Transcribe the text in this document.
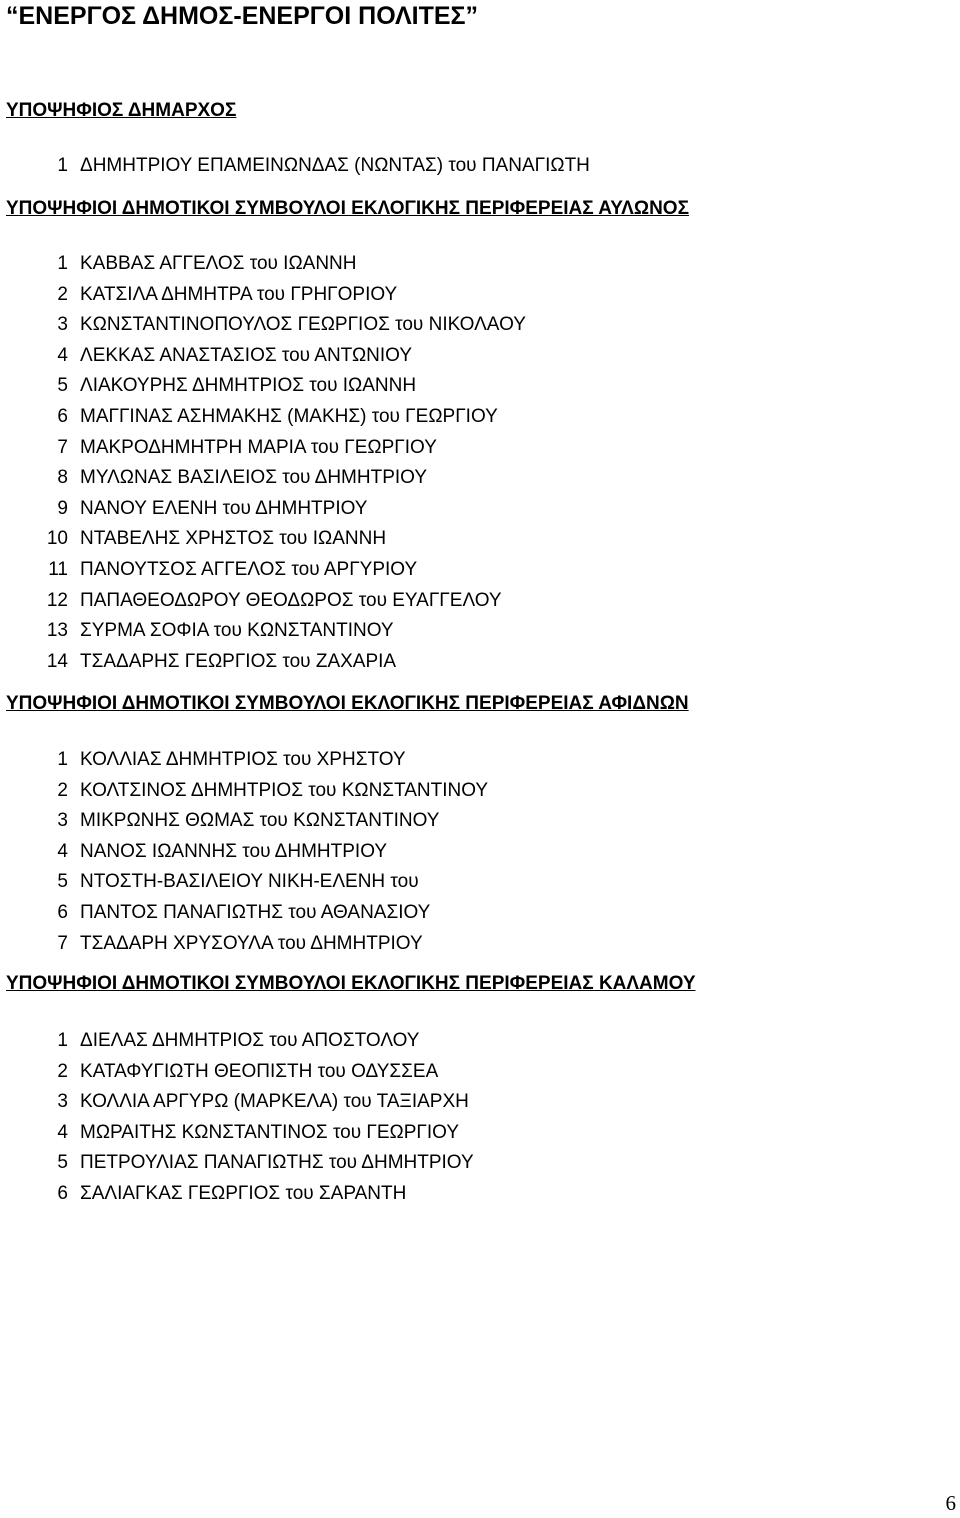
“ΕΝΕΡΓΟΣ ΔΗΜΟΣ-ΕΝΕΡΓΟΙ ΠΟΛΙΤΕΣ”
ΥΠΟΨΗΦΙΟΣ ΔΗΜΑΡΧΟΣ
1 ΔΗΜΗΤΡΙΟΥ ΕΠΑΜΕΙΝΩΝΔΑΣ (ΝΩΝΤΑΣ) του ΠΑΝΑΓΙΩΤΗ
ΥΠΟΨΗΦΙΟΙ ΔΗΜΟΤΙΚΟΙ ΣΥΜΒΟΥΛΟΙ ΕΚΛΟΓΙΚΗΣ ΠΕΡΙΦΕΡΕΙΑΣ ΑΥΛΩΝΟΣ
1 ΚΑΒΒΑΣ ΑΓΓΕΛΟΣ του ΙΩΑΝΝΗ
2 ΚΑΤΣΙΛΑ ΔΗΜΗΤΡΑ του ΓΡΗΓΟΡΙΟΥ
3 ΚΩΝΣΤΑΝΤΙΝΟΠΟΥΛΟΣ ΓΕΩΡΓΙΟΣ του ΝΙΚΟΛΑΟΥ
4 ΛΕΚΚΑΣ ΑΝΑΣΤΑΣΙΟΣ του ΑΝΤΩΝΙΟΥ
5 ΛΙΑΚΟΥΡΗΣ ΔΗΜΗΤΡΙΟΣ του ΙΩΑΝΝΗ
6 ΜΑΓΓΙΝΑΣ ΑΣΗΜΑΚΗΣ (ΜΑΚΗΣ) του ΓΕΩΡΓΙΟΥ
7 ΜΑΚΡΟΔΗΜΗΤΡΗ ΜΑΡΙΑ του ΓΕΩΡΓΙΟΥ
8 ΜΥΛΩΝΑΣ ΒΑΣΙΛΕΙΟΣ του ΔΗΜΗΤΡΙΟΥ
9 ΝΑΝΟΥ ΕΛΕΝΗ του ΔΗΜΗΤΡΙΟΥ
10 ΝΤΑΒΕΛΗΣ ΧΡΗΣΤΟΣ του ΙΩΑΝΝΗ
11 ΠΑΝΟΥΤΣΟΣ ΑΓΓΕΛΟΣ του ΑΡΓΥΡΙΟΥ
12 ΠΑΠΑΘΕΟΔΩΡΟΥ ΘΕΟΔΩΡΟΣ του ΕΥΑΓΓΕΛΟΥ
13 ΣΥΡΜΑ ΣΟΦΙΑ του ΚΩΝΣΤΑΝΤΙΝΟΥ
14 ΤΣΑΔΑΡΗΣ ΓΕΩΡΓΙΟΣ του ΖΑΧΑΡΙΑ
ΥΠΟΨΗΦΙΟΙ ΔΗΜΟΤΙΚΟΙ ΣΥΜΒΟΥΛΟΙ ΕΚΛΟΓΙΚΗΣ ΠΕΡΙΦΕΡΕΙΑΣ ΑΦΙΔΝΩΝ
1 ΚΟΛΛΙΑΣ ΔΗΜΗΤΡΙΟΣ του ΧΡΗΣΤΟΥ
2 ΚΟΛΤΣΙΝΟΣ ΔΗΜΗΤΡΙΟΣ του ΚΩΝΣΤΑΝΤΙΝΟΥ
3 ΜΙΚΡΩΝΗΣ ΘΩΜΑΣ του ΚΩΝΣΤΑΝΤΙΝΟΥ
4 ΝΑΝΟΣ ΙΩΑΝΝΗΣ του ΔΗΜΗΤΡΙΟΥ
5 ΝΤΟΣΤΗ-ΒΑΣΙΛΕΙΟΥ ΝΙΚΗ-ΕΛΕΝΗ του
6 ΠΑΝΤΟΣ ΠΑΝΑΓΙΩΤΗΣ του ΑΘΑΝΑΣΙΟΥ
7 ΤΣΑΔΑΡΗ ΧΡΥΣΟΥΛΑ του ΔΗΜΗΤΡΙΟΥ
ΥΠΟΨΗΦΙΟΙ ΔΗΜΟΤΙΚΟΙ ΣΥΜΒΟΥΛΟΙ ΕΚΛΟΓΙΚΗΣ ΠΕΡΙΦΕΡΕΙΑΣ ΚΑΛΑΜΟΥ
1 ΔΙΕΛΑΣ ΔΗΜΗΤΡΙΟΣ του ΑΠΟΣΤΟΛΟΥ
2 ΚΑΤΑΦΥΓΙΩΤΗ ΘΕΟΠΙΣΤΗ του ΟΔΥΣΣΕΑ
3 ΚΟΛΛΙΑ ΑΡΓΥΡΩ (ΜΑΡΚΕΛΑ) του ΤΑΞΙΑΡΧΗ
4 ΜΩΡΑΙΤΗΣ ΚΩΝΣΤΑΝΤΙΝΟΣ του ΓΕΩΡΓΙΟΥ
5 ΠΕΤΡΟΥΛΙΑΣ ΠΑΝΑΓΙΩΤΗΣ του ΔΗΜΗΤΡΙΟΥ
6 ΣΑΛΙΑΓΚΑΣ ΓΕΩΡΓΙΟΣ του ΣΑΡΑΝΤΗ
6
